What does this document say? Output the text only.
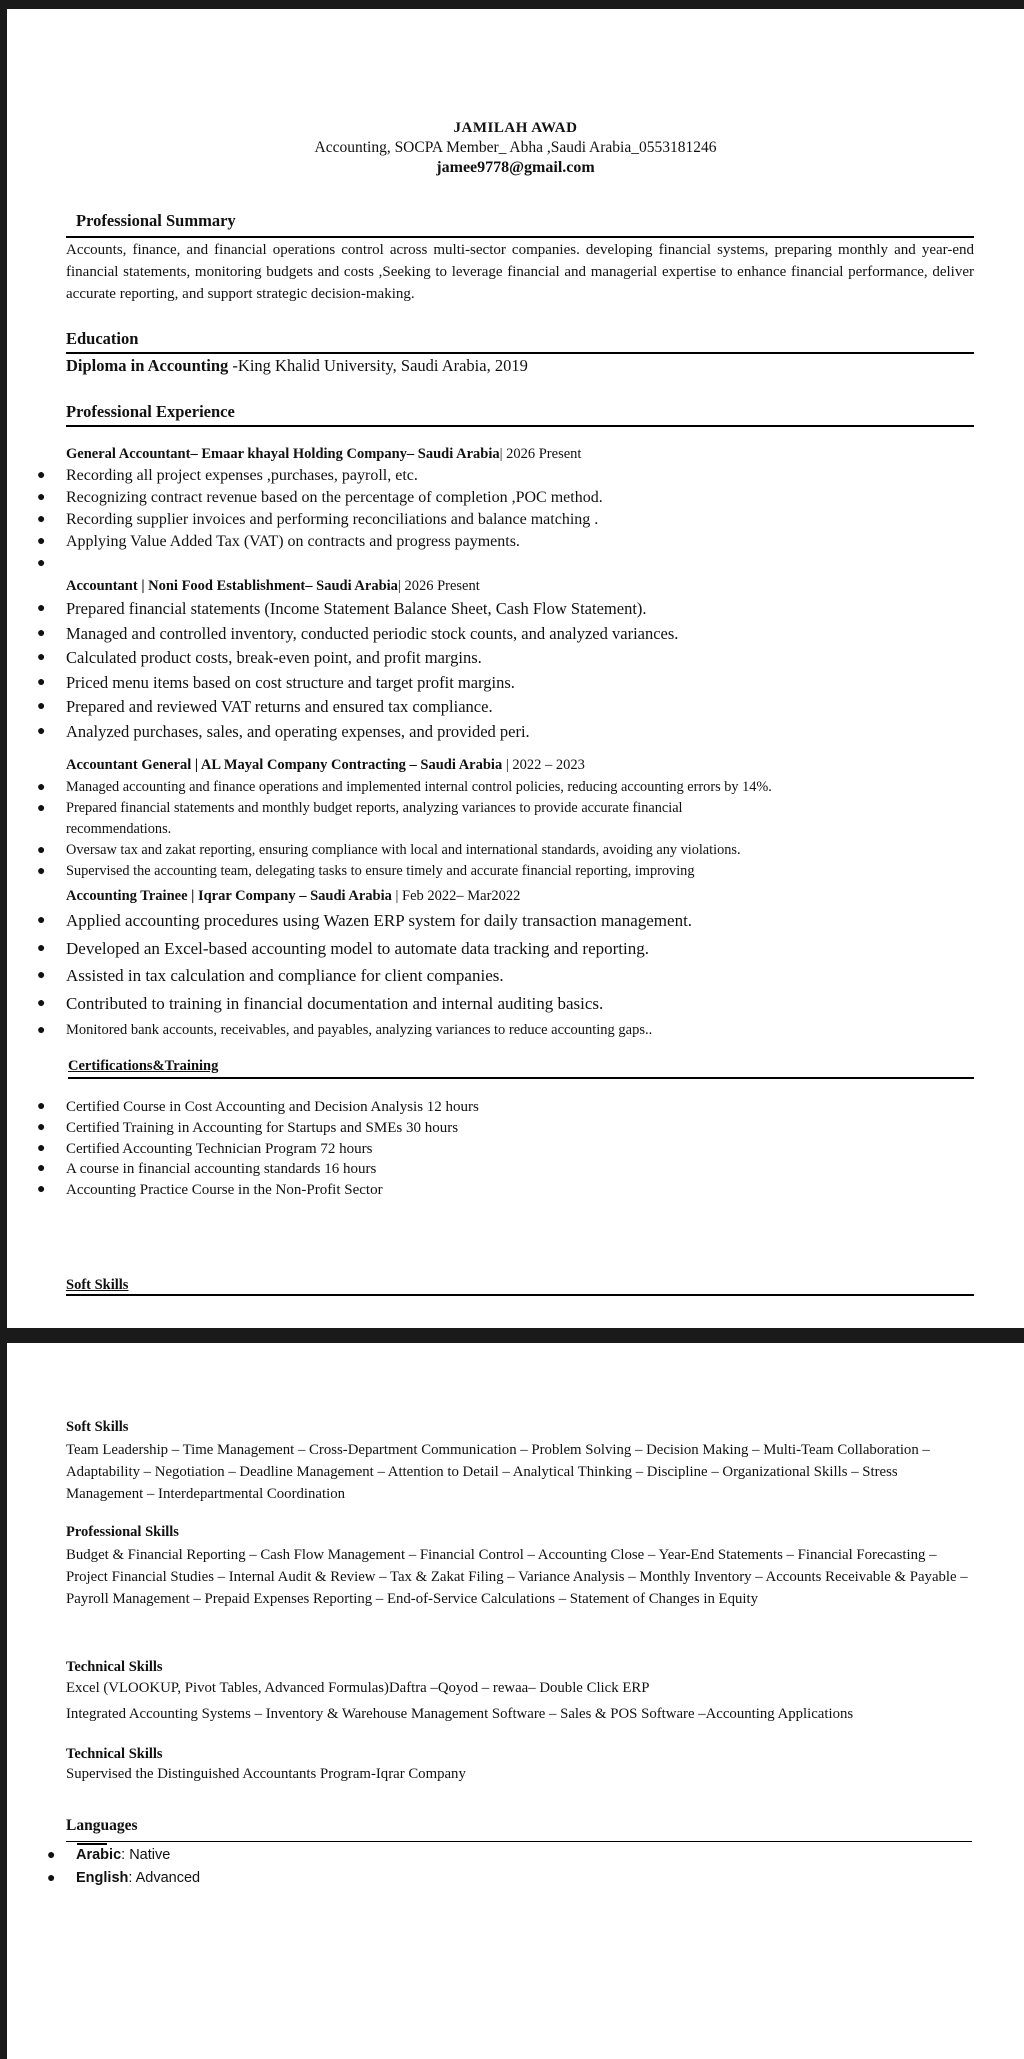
JAMILAH AWAD
Accounting, SOCPA Member_ Abha ,Saudi Arabia_0553181246
jamee9778@gmail.com
Professional Summary

Accounts, finance, and financial operations control across multi-sector companies. developing financial systems, preparing monthly and year-end financial statements, monitoring budgets and costs ,Seeking to leverage financial and managerial expertise to enhance financial performance, deliver accurate reporting, and support strategic decision-making.

Education
Diploma in Accounting -King Khalid University, Saudi Arabia, 2019
Professional Experience
General Accountant– Emaar khayal Holding Company– Saudi Arabia| 2026 Present
● Recording all project expenses ,purchases, payroll, etc.
● Recognizing contract revenue based on the percentage of completion ,POC method.
● Recording supplier invoices and performing reconciliations and balance matching .
● Applying Value Added Tax (VAT) on contracts and progress payments.
●
Accountant | Noni Food Establishment– Saudi Arabia| 2026 Present
● Prepared financial statements (Income Statement Balance Sheet, Cash Flow Statement).
● Managed and controlled inventory, conducted periodic stock counts, and analyzed variances.
● Calculated product costs, break-even point, and profit margins.
● Priced menu items based on cost structure and target profit margins.
● Prepared and reviewed VAT returns and ensured tax compliance.
● Analyzed purchases, sales, and operating expenses, and provided peri.
Accountant General | AL Mayal Company Contracting – Saudi Arabia | 2022 – 2023
● Managed accounting and finance operations and implemented internal control policies, reducing accounting errors by 14%.
● Prepared financial statements and monthly budget reports, analyzing variances to provide accurate financial
recommendations.
● Oversaw tax and zakat reporting, ensuring compliance with local and international standards, avoiding any violations.
● Supervised the accounting team, delegating tasks to ensure timely and accurate financial reporting, improving
Accounting Trainee | Iqrar Company – Saudi Arabia | Feb 2022– Mar2022
● Applied accounting procedures using Wazen ERP system for daily transaction management.
● Developed an Excel-based accounting model to automate data tracking and reporting.
● Assisted in tax calculation and compliance for client companies.
● Contributed to training in financial documentation and internal auditing basics.
● Monitored bank accounts, receivables, and payables, analyzing variances to reduce accounting gaps..
Certifications&Training
● Certified Course in Cost Accounting and Decision Analysis 12 hours
● Certified Training in Accounting for Startups and SMEs 30 hours
● Certified Accounting Technician Program 72 hours
● A course in financial accounting standards 16 hours
● Accounting Practice Course in the Non-Profit Sector
Soft Skills
Soft Skills

Team Leadership – Time Management – Cross-Department Communication – Problem Solving – Decision Making – Multi-Team Collaboration – Adaptability – Negotiation – Deadline Management – Attention to Detail – Analytical Thinking – Discipline – Organizational Skills – Stress Management – Interdepartmental Coordination

Professional Skills

Budget & Financial Reporting – Cash Flow Management – Financial Control – Accounting Close – Year-End Statements – Financial Forecasting – Project Financial Studies – Internal Audit & Review – Tax & Zakat Filing – Variance Analysis – Monthly Inventory – Accounts Receivable & Payable – Payroll Management – Prepaid Expenses Reporting – End-of-Service Calculations – Statement of Changes in Equity

Technical Skills
Excel (VLOOKUP, Pivot Tables, Advanced Formulas)Daftra –Qoyod – rewaa– Double Click ERP
Integrated Accounting Systems – Inventory & Warehouse Management Software – Sales & POS Software –Accounting Applications
Technical Skills
Supervised the Distinguished Accountants Program-Iqrar Company
Languages
● Arabic: Native
● English: Advanced
